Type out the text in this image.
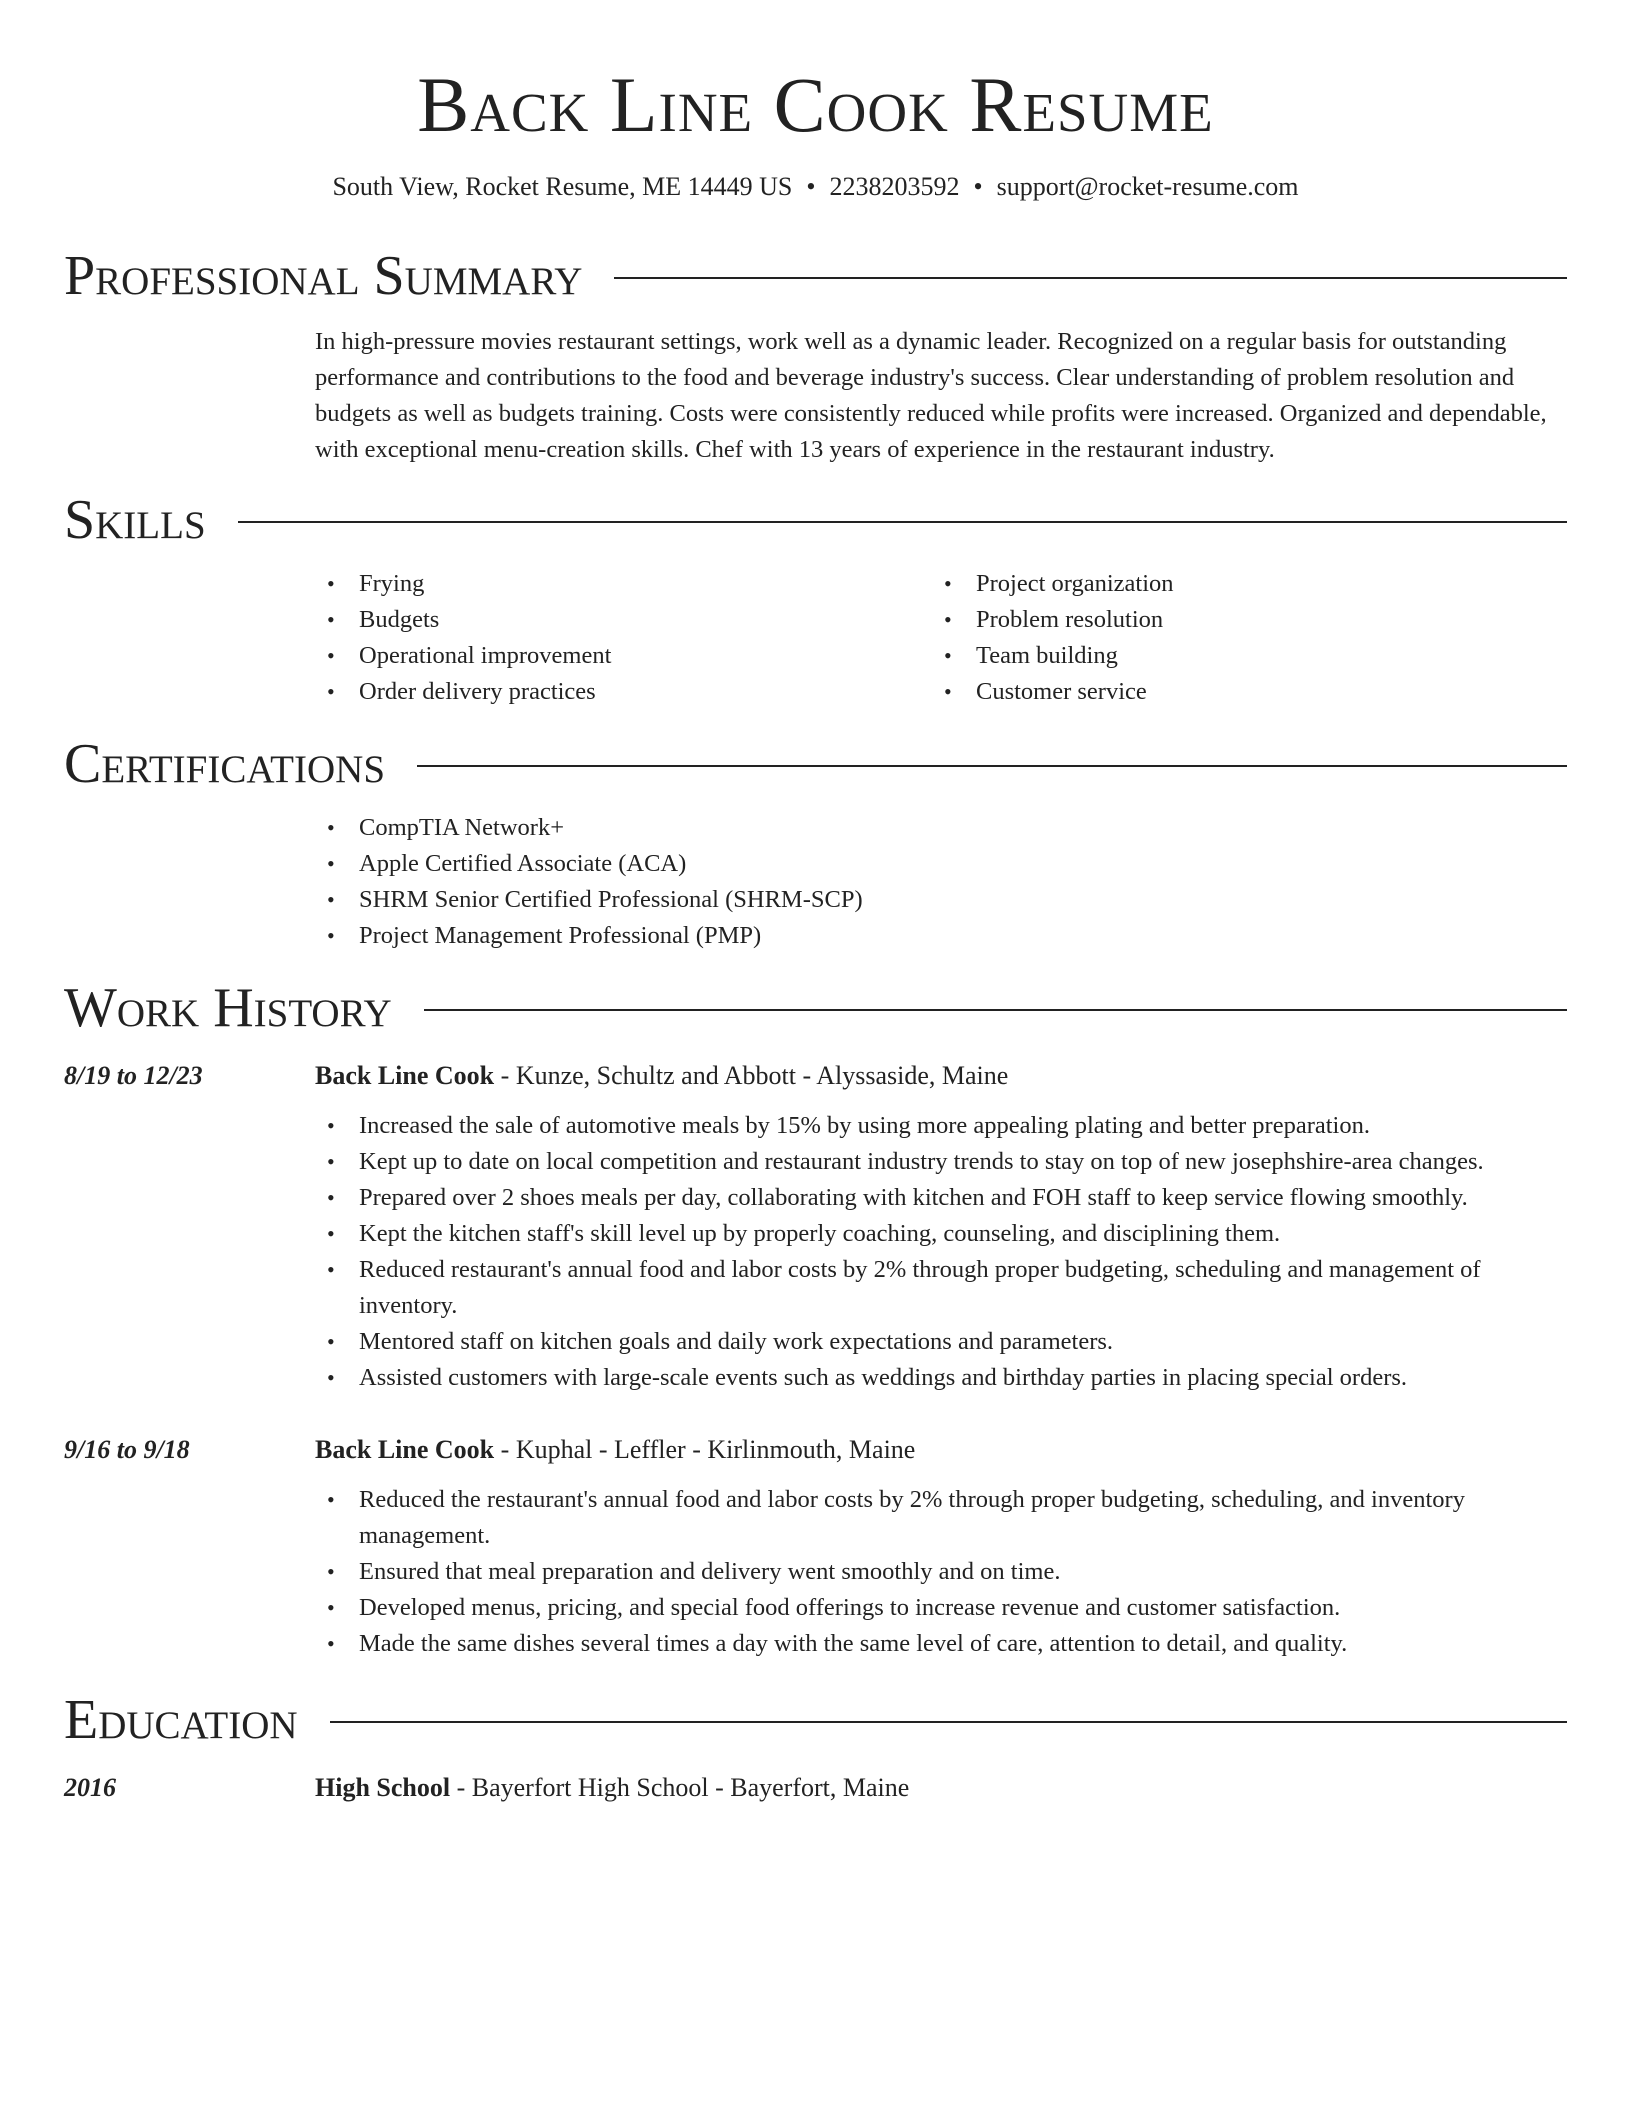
Back Line Cook Resume
South View, Rocket Resume, ME 14449 US • 2238203592 • support@rocket-resume.com
Professional Summary
In high-pressure movies restaurant settings, work well as a dynamic leader. Recognized on a regular basis for outstanding performance and contributions to the food and beverage industry's success. Clear understanding of problem resolution and budgets as well as budgets training. Costs were consistently reduced while profits were increased. Organized and dependable, with exceptional menu-creation skills. Chef with 13 years of experience in the restaurant industry.
Skills
• Frying
• Budgets
• Operational improvement
• Order delivery practices
• Project organization
• Problem resolution
• Team building
• Customer service
Certifications
• CompTIA Network+
• Apple Certified Associate (ACA)
• SHRM Senior Certified Professional (SHRM-SCP)
• Project Management Professional (PMP)
Work History
8/19 to 12/23	Back Line Cook - Kunze, Schultz and Abbott - Alyssaside, Maine
• Increased the sale of automotive meals by 15% by using more appealing plating and better preparation.
• Kept up to date on local competition and restaurant industry trends to stay on top of new josephshire-area changes.
• Prepared over 2 shoes meals per day, collaborating with kitchen and FOH staff to keep service flowing smoothly.
• Kept the kitchen staff's skill level up by properly coaching, counseling, and disciplining them.
• Reduced restaurant's annual food and labor costs by 2% through proper budgeting, scheduling and management of inventory.
• Mentored staff on kitchen goals and daily work expectations and parameters.
• Assisted customers with large-scale events such as weddings and birthday parties in placing special orders.
9/16 to 9/18	Back Line Cook - Kuphal - Leffler - Kirlinmouth, Maine
• Reduced the restaurant's annual food and labor costs by 2% through proper budgeting, scheduling, and inventory management.
• Ensured that meal preparation and delivery went smoothly and on time.
• Developed menus, pricing, and special food offerings to increase revenue and customer satisfaction.
• Made the same dishes several times a day with the same level of care, attention to detail, and quality.
Education
2016	High School - Bayerfort High School - Bayerfort, Maine
